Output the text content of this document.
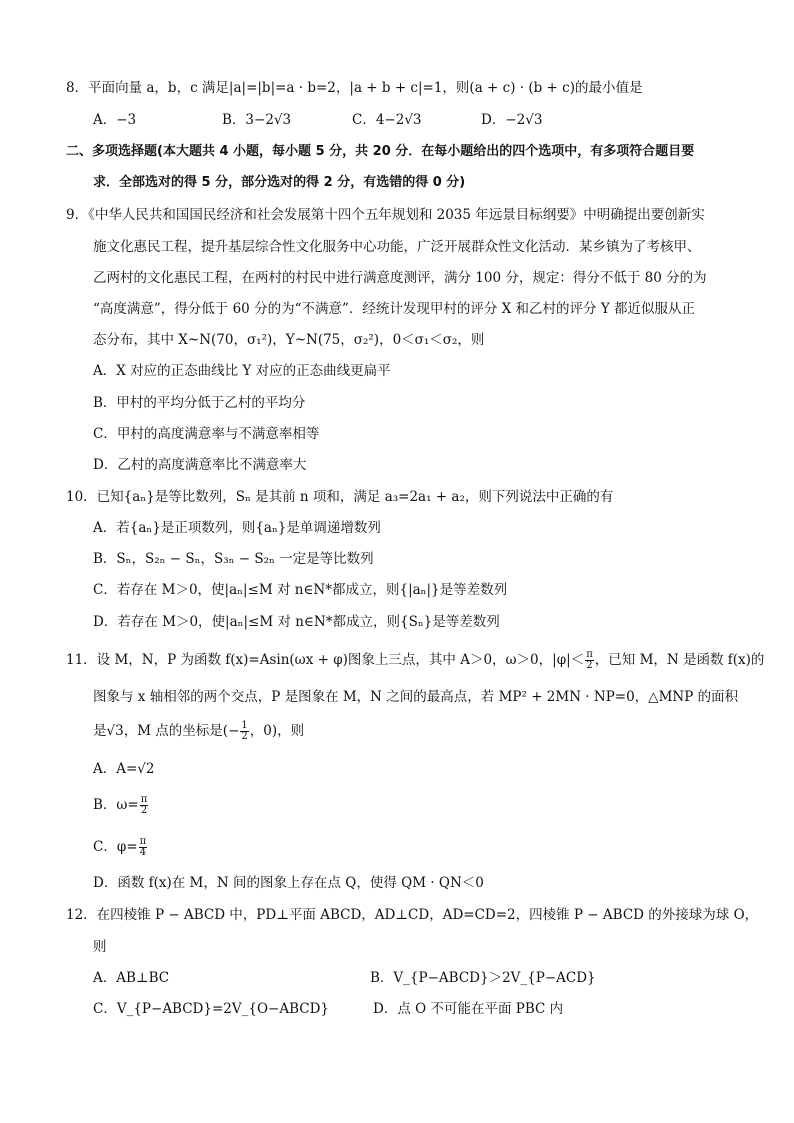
8．平面向量 a，b，c 满足|a|=|b|=a · b=2，|a + b + c|=1，则(a + c) · (b + c)的最小值是
A．−3	B．3−2√3	C．4−2√3	D．−2√3
二、多项选择题(本大题共 4 小题，每小题 5 分，共 20 分．在每小题给出的四个选项中，有多项符合题目要
求．全部选对的得 5 分，部分选对的得 2 分，有选错的得 0 分)
9．《中华人民共和国国民经济和社会发展第十四个五年规划和 2035 年远景目标纲要》中明确提出要创新实
施文化惠民工程，提升基层综合性文化服务中心功能，广泛开展群众性文化活动．某乡镇为了考核甲、
乙两村的文化惠民工程，在两村的村民中进行满意度测评，满分 100 分，规定：得分不低于 80 分的为
“高度满意”，得分低于 60 分的为“不满意”．经统计发现甲村的评分 X 和乙村的评分 Y 都近似服从正
态分布，其中 X~N(70，σ₁²)，Y~N(75，σ₂²)，0＜σ₁＜σ₂，则
A．X 对应的正态曲线比 Y 对应的正态曲线更扁平
B．甲村的平均分低于乙村的平均分
C．甲村的高度满意率与不满意率相等
D．乙村的高度满意率比不满意率大
10．已知{aₙ}是等比数列，Sₙ 是其前 n 项和，满足 a₃=2a₁ + a₂，则下列说法中正确的有
A．若{aₙ}是正项数列，则{aₙ}是单调递增数列
B．Sₙ，S₂ₙ − Sₙ，S₃ₙ − S₂ₙ 一定是等比数列
C．若存在 M＞0，使|aₙ|≤M 对 n∈N*都成立，则{|aₙ|}是等差数列
D．若存在 M＞0，使|aₙ|≤M 对 n∈N*都成立，则{Sₙ}是等差数列
11．设 M，N，P 为函数 f(x)=Asin(ωx + φ)图象上三点，其中 A＞0，ω＞0，$|\varphi|< \frac{\pi}{2}$ ，已知 M，N 是函数 f(x)的
图象与 x 轴相邻的两个交点，P 是图象在 M，N 之间的最高点，若 MP² + 2MN · NP=0，△MNP 的面积
是√3，M 点的坐标是(− $\frac{1}{2}$ ，0)，则
A．A=√2
B．$\omega= \frac{\pi}{2}$
C．$\varphi= \frac{\pi}{4}$
D．函数 f(x)在 M，N 间的图象上存在点 Q，使得 QM · QN＜0
12．在四棱锥 P − ABCD 中，PD⊥平面 ABCD，AD⊥CD，AD=CD=2，四棱锥 P − ABCD 的外接球为球 O，
则
A．AB⊥BC	B．V_{P−ABCD}＞2V_{P−ACD}
C．V_{P−ABCD}=2V_{O−ABCD}	D．点 O 不可能在平面 PBC 内
